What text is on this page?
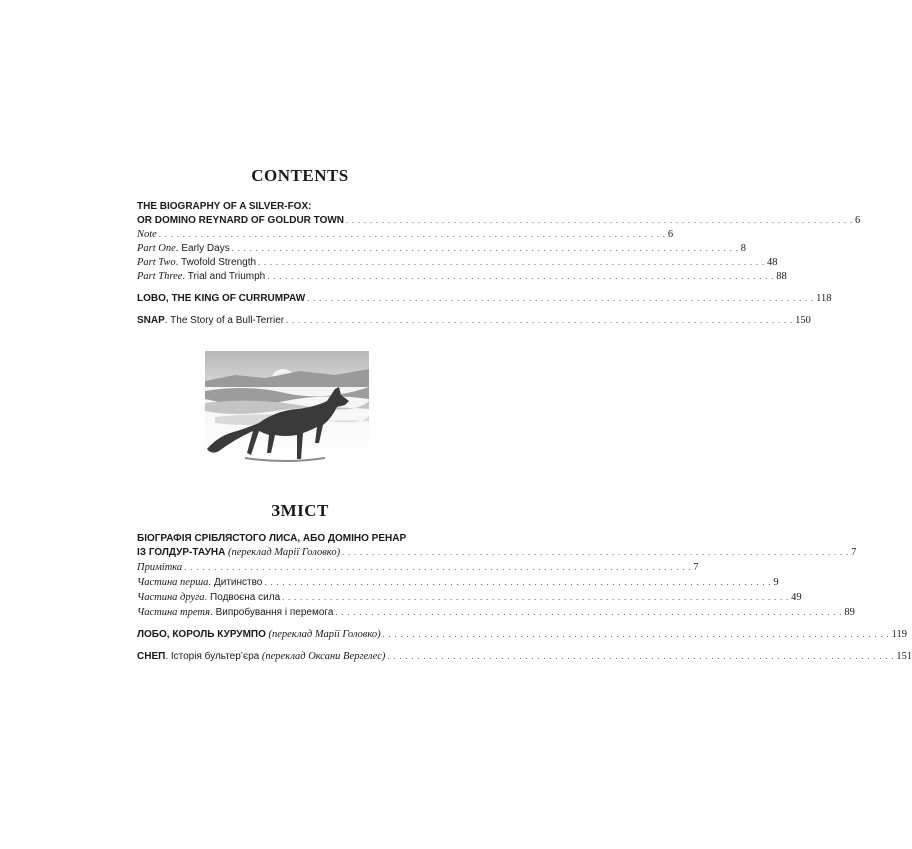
CONTENTS
THE BIOGRAPHY OF A SILVER-FOX:
OR DOMINO REYNARD OF GOLDUR TOWN . . . . . . . . . . . . . . . . . . . . . . . . . . . . . . . . . . . . . . . . . . . . . . . . . . . . . . . . . . . . . . . . . . . . . . . . . . . . . . . . . . . . . 6
Note . . . . . . . . . . . . . . . . . . . . . . . . . . . . . . . . . . . . . . . . . . . . . . . . . . . . . . . . . . . . . . . . . . . . . . . . . . . . . . . . . . . . . 6
Part One. Early Days . . . . . . . . . . . . . . . . . . . . . . . . . . . . . . . . . . . . . . . . . . . . . . . . . . . . . . . . . . . . . . . . . . . . . . . . . . . . . . . . . . . . . 8
Part Two. Twofold Strength . . . . . . . . . . . . . . . . . . . . . . . . . . . . . . . . . . . . . . . . . . . . . . . . . . . . . . . . . . . . . . . . . . . . . . . . . . . . . . . . . . . . . 48
Part Three. Trial and Triumph . . . . . . . . . . . . . . . . . . . . . . . . . . . . . . . . . . . . . . . . . . . . . . . . . . . . . . . . . . . . . . . . . . . . . . . . . . . . . . . . . . . . . 88
LOBO, THE KING OF CURRUMPAW . . . . . . . . . . . . . . . . . . . . . . . . . . . . . . . . . . . . . . . . . . . . . . . . . . . . . . . . . . . . . . . . . . . . . . . . . . . . . . . . . . . . . 118
SNAP. The Story of a Bull-Terrier . . . . . . . . . . . . . . . . . . . . . . . . . . . . . . . . . . . . . . . . . . . . . . . . . . . . . . . . . . . . . . . . . . . . . . . . . . . . . . . . . . . . . 150
ЗМІСТ
БІОГРАФІЯ СРІБЛЯСТОГО ЛИСА, АБО ДОМІНО РЕНАР
ІЗ ГОЛДУР-ТАУНА (переклад Марії Головко) . . . . . . . . . . . . . . . . . . . . . . . . . . . . . . . . . . . . . . . . . . . . . . . . . . . . . . . . . . . . . . . . . . . . . . . . . . . . . . . . . . . . . 7
Примітка . . . . . . . . . . . . . . . . . . . . . . . . . . . . . . . . . . . . . . . . . . . . . . . . . . . . . . . . . . . . . . . . . . . . . . . . . . . . . . . . . . . . . 7
Частина перша. Дитинство . . . . . . . . . . . . . . . . . . . . . . . . . . . . . . . . . . . . . . . . . . . . . . . . . . . . . . . . . . . . . . . . . . . . . . . . . . . . . . . . . . . . . 9
Частина друга. Подвоєна сила . . . . . . . . . . . . . . . . . . . . . . . . . . . . . . . . . . . . . . . . . . . . . . . . . . . . . . . . . . . . . . . . . . . . . . . . . . . . . . . . . . . . . 49
Частина третя. Випробування і перемога . . . . . . . . . . . . . . . . . . . . . . . . . . . . . . . . . . . . . . . . . . . . . . . . . . . . . . . . . . . . . . . . . . . . . . . . . . . . . . . . . . . . . 89
ЛОБО, КОРОЛЬ КУРУМПО (переклад Марії Головко) . . . . . . . . . . . . . . . . . . . . . . . . . . . . . . . . . . . . . . . . . . . . . . . . . . . . . . . . . . . . . . . . . . . . . . . . . . . . . . . . . . . . . 119
СНЕП. Історія бультер’єра (переклад Оксани Вергелес) . . . . . . . . . . . . . . . . . . . . . . . . . . . . . . . . . . . . . . . . . . . . . . . . . . . . . . . . . . . . . . . . . . . . . . . . . . . . . . . . . . . . . 151
